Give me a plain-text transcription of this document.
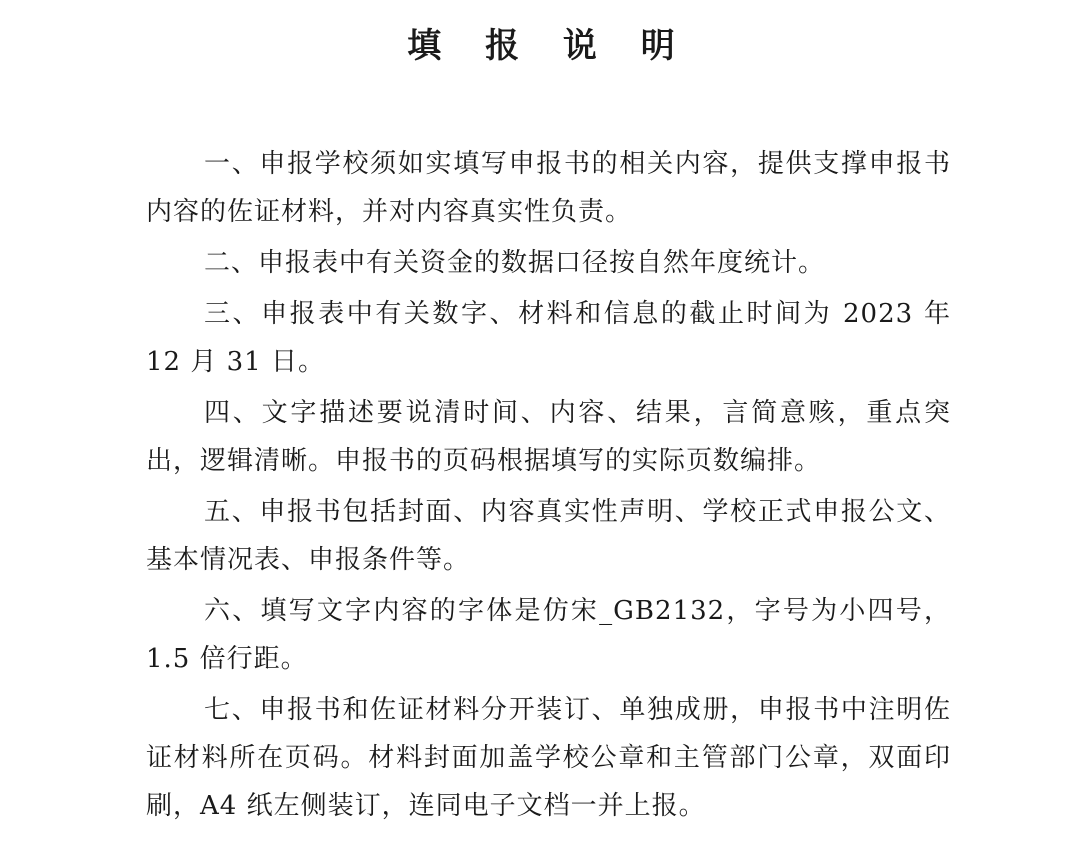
填 报 说 明

一、申报学校须如实填写申报书的相关内容，提供支撑申报书内容的佐证材料，并对内容真实性负责。

二、申报表中有关资金的数据口径按自然年度统计。

三、申报表中有关数字、材料和信息的截止时间为 2023 年 12 月 31 日。

四、文字描述要说清时间、内容、结果，言简意赅，重点突出，逻辑清晰。申报书的页码根据填写的实际页数编排。

五、申报书包括封面、内容真实性声明、学校正式申报公文、基本情况表、申报条件等。

六、填写文字内容的字体是仿宋_GB2132，字号为小四号，1.5 倍行距。

七、申报书和佐证材料分开装订、单独成册，申报书中注明佐证材料所在页码。材料封面加盖学校公章和主管部门公章，双面印刷，A4 纸左侧装订，连同电子文档一并上报。
